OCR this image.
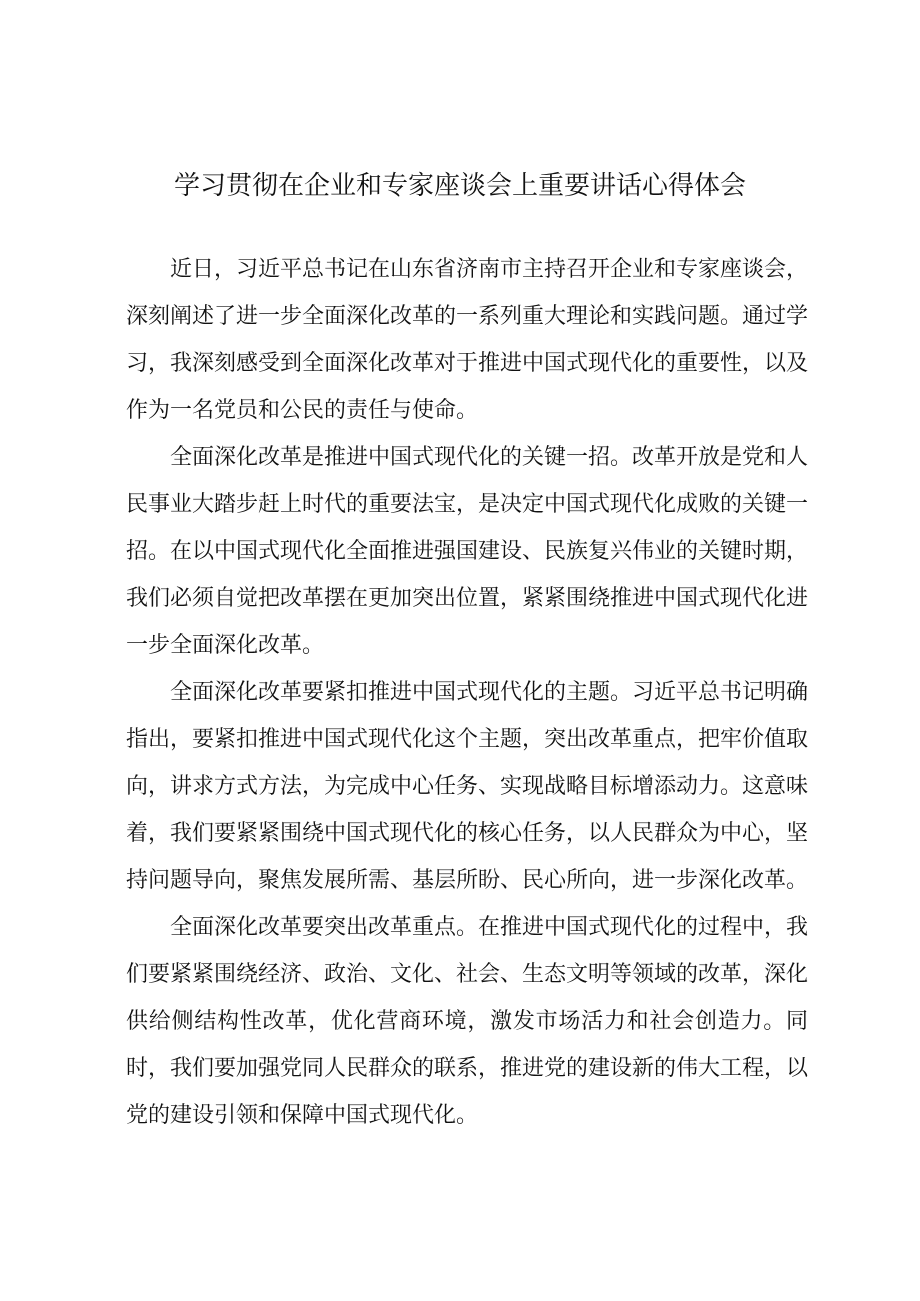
学习贯彻在企业和专家座谈会上重要讲话心得体会

近日，习近平总书记在山东省济南市主持召开企业和专家座谈会，深刻阐述了进一步全面深化改革的一系列重大理论和实践问题。通过学习，我深刻感受到全面深化改革对于推进中国式现代化的重要性，以及作为一名党员和公民的责任与使命。

全面深化改革是推进中国式现代化的关键一招。改革开放是党和人民事业大踏步赶上时代的重要法宝，是决定中国式现代化成败的关键一招。在以中国式现代化全面推进强国建设、民族复兴伟业的关键时期，我们必须自觉把改革摆在更加突出位置，紧紧围绕推进中国式现代化进一步全面深化改革。

全面深化改革要紧扣推进中国式现代化的主题。习近平总书记明确指出，要紧扣推进中国式现代化这个主题，突出改革重点，把牢价值取向，讲求方式方法，为完成中心任务、实现战略目标增添动力。这意味着，我们要紧紧围绕中国式现代化的核心任务，以人民群众为中心，坚持问题导向，聚焦发展所需、基层所盼、民心所向，进一步深化改革。

全面深化改革要突出改革重点。在推进中国式现代化的过程中，我们要紧紧围绕经济、政治、文化、社会、生态文明等领域的改革，深化供给侧结构性改革，优化营商环境，激发市场活力和社会创造力。同时，我们要加强党同人民群众的联系，推进党的建设新的伟大工程，以党的建设引领和保障中国式现代化。
